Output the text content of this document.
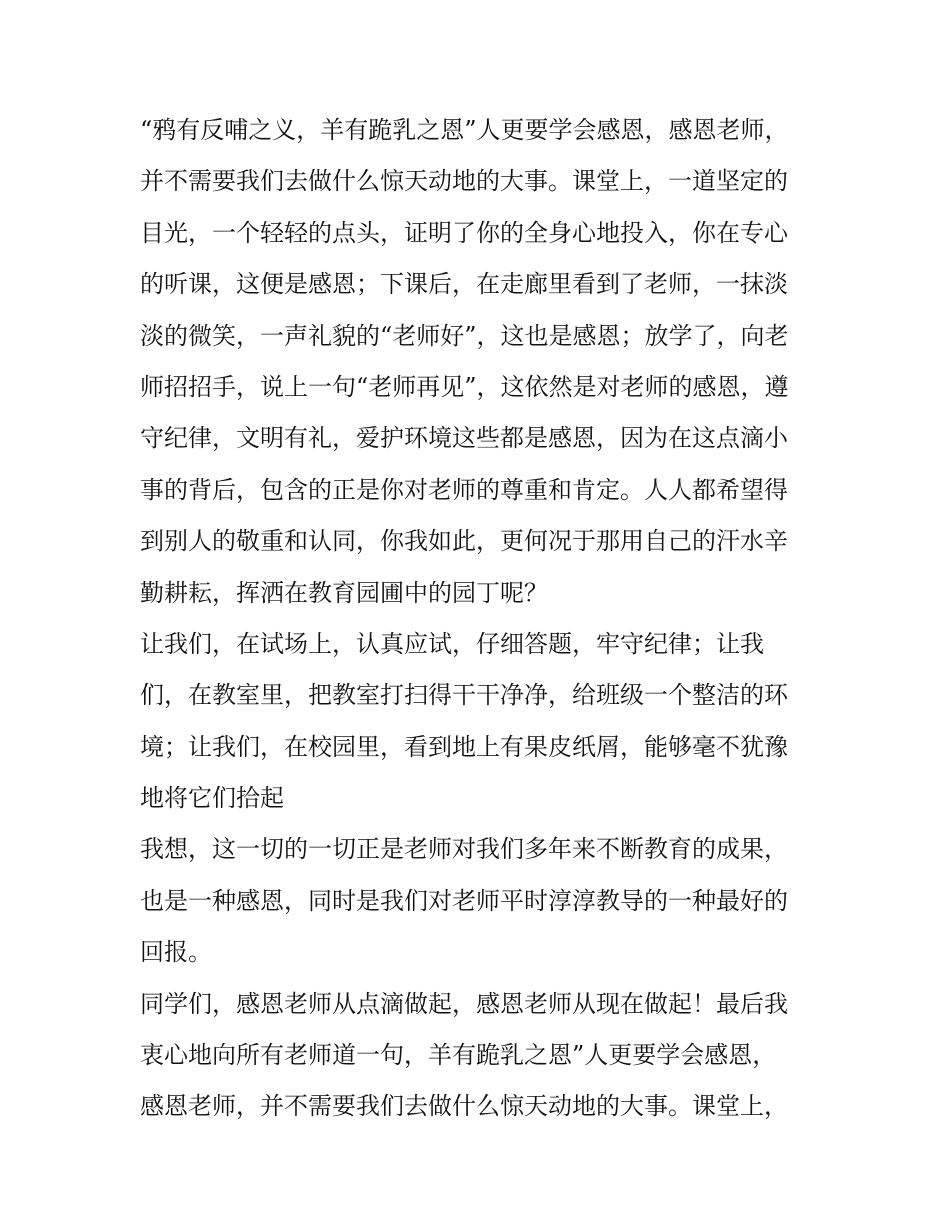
“鸦有反哺之义，羊有跪乳之恩”人更要学会感恩，感恩老师，
并不需要我们去做什么惊天动地的大事。课堂上，一道坚定的
目光，一个轻轻的点头，证明了你的全身心地投入，你在专心
的听课，这便是感恩；下课后，在走廊里看到了老师，一抹淡
淡的微笑，一声礼貌的“老师好”，这也是感恩；放学了，向老
师招招手，说上一句“老师再见”，这依然是对老师的感恩，遵
守纪律，文明有礼，爱护环境这些都是感恩，因为在这点滴小
事的背后，包含的正是你对老师的尊重和肯定。人人都希望得
到别人的敬重和认同，你我如此，更何况于那用自己的汗水辛
勤耕耘，挥洒在教育园圃中的园丁呢？
让我们，在试场上，认真应试，仔细答题，牢守纪律；让我
们，在教室里，把教室打扫得干干净净，给班级一个整洁的环
境；让我们，在校园里，看到地上有果皮纸屑，能够毫不犹豫
地将它们拾起
我想，这一切的一切正是老师对我们多年来不断教育的成果，
也是一种感恩，同时是我们对老师平时淳淳教导的一种最好的
回报。
同学们，感恩老师从点滴做起，感恩老师从现在做起！最后我
衷心地向所有老师道一句，羊有跪乳之恩”人更要学会感恩，
感恩老师，并不需要我们去做什么惊天动地的大事。课堂上，
